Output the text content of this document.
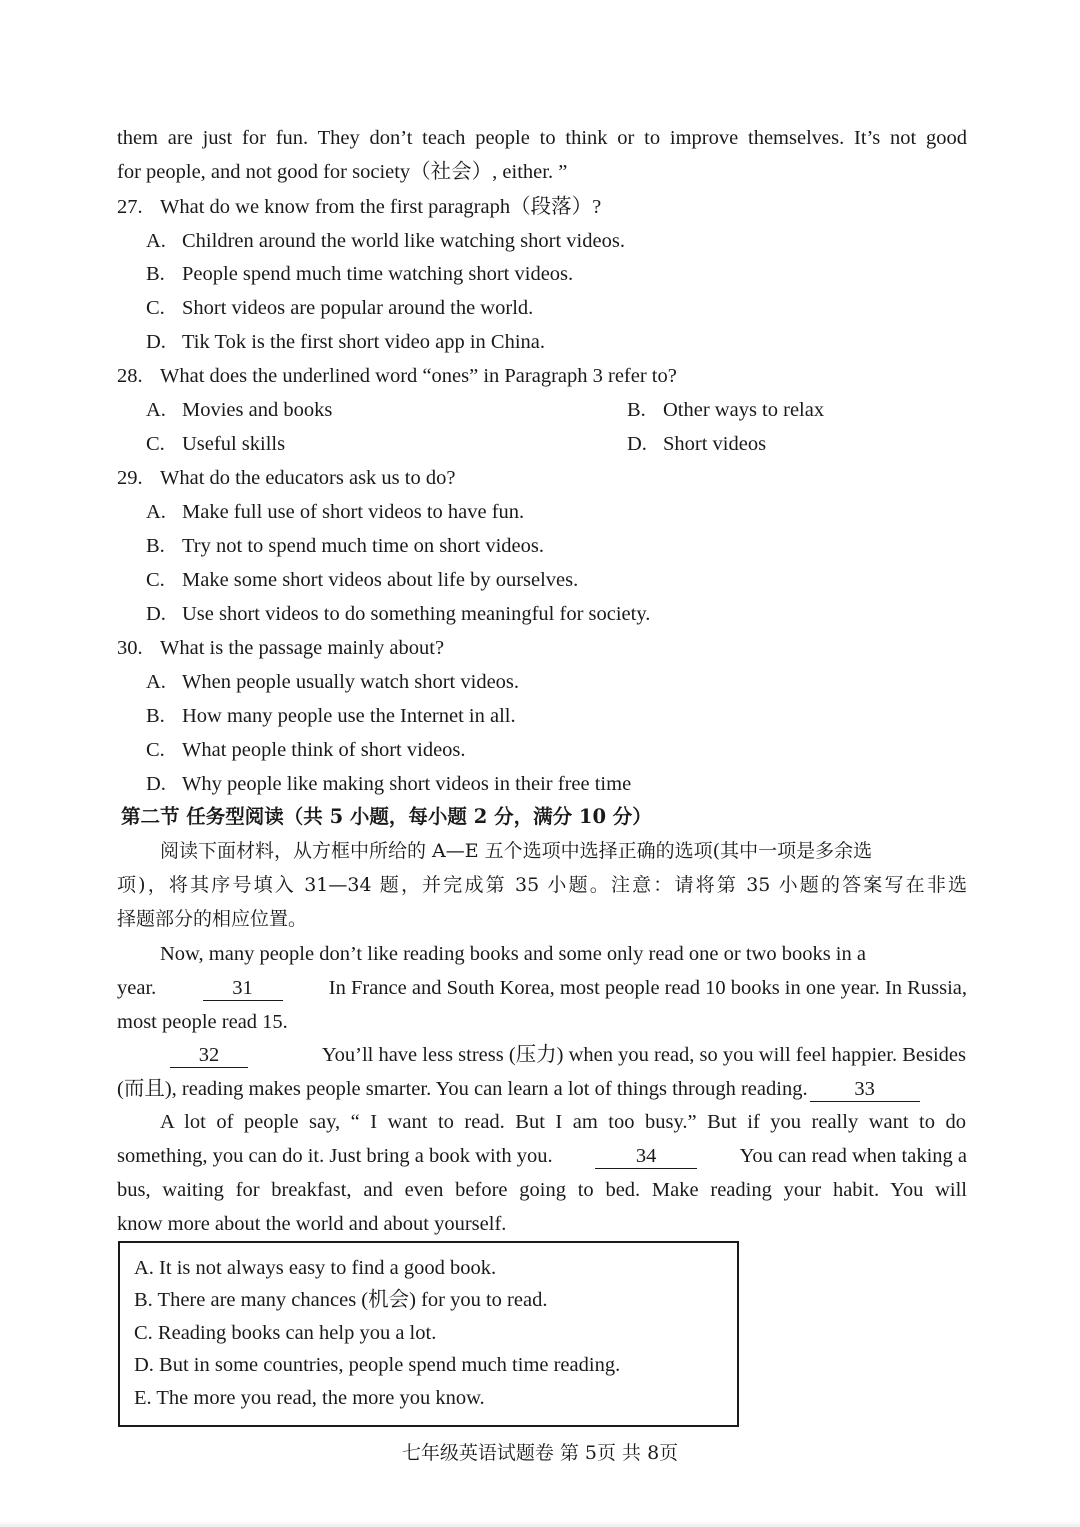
them are just for fun. They don’t teach people to think or to improve themselves. It’s not good
for people, and not good for society（社会）, either. ”
27. What do we know from the first paragraph（段落）?
A. Children around the world like watching short videos.
B. People spend much time watching short videos.
C. Short videos are popular around the world.
D. Tik Tok is the first short video app in China.
28. What does the underlined word “ones” in Paragraph 3 refer to?
A. Movies and books	B. Other ways to relax
C. Useful skills	D. Short videos
29. What do the educators ask us to do?
A. Make full use of short videos to have fun.
B. Try not to spend much time on short videos.
C. Make some short videos about life by ourselves.
D. Use short videos to do something meaningful for society.
30. What is the passage mainly about?
A. When people usually watch short videos.
B. How many people use the Internet in all.
C. What people think of short videos.
D. Why people like making short videos in their free time
第二节 任务型阅读（共 5 小题，每小题 2 分，满分 10 分）
阅读下面材料，从方框中所给的 A—E 五个选项中选择正确的选项(其中一项是多余选
项)，将其序号填入 31—34 题，并完成第 35 小题。注意：请将第 35 小题的答案写在非选
择题部分的相应位置。
Now, many people don’t like reading books and some only read one or two books in a
year.	31	In France and South Korea, most people read 10 books in one year. In Russia,
most people read 15.
32	You’ll have less stress (压力) when you read, so you will feel happier. Besides
(而且), reading makes people smarter. You can learn a lot of things through reading.	33
A lot of people say, “ I want to read. But I am too busy.” But if you really want to do
something, you can do it. Just bring a book with you.	34	You can read when taking a
bus, waiting for breakfast, and even before going to bed. Make reading your habit. You will
know more about the world and about yourself.
A. It is not always easy to find a good book.
B. There are many chances (机会) for you to read.
C. Reading books can help you a lot.
D. But in some countries, people spend much time reading.
E. The more you read, the more you know.
七年级英语试题卷 第 5页 共 8页
